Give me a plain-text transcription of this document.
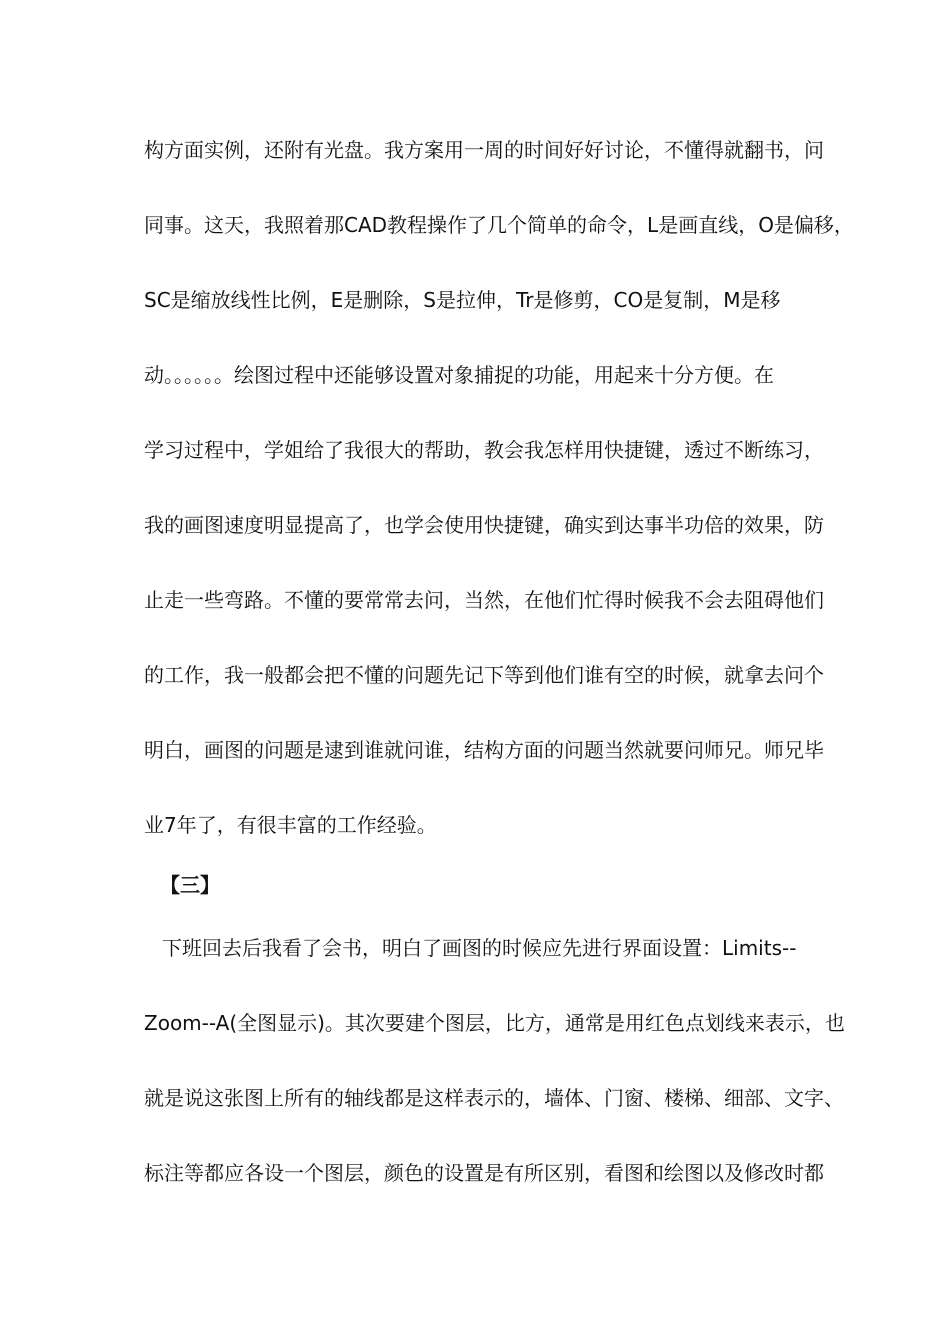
构方面实例，还附有光盘。我方案用一周的时间好好讨论，不懂得就翻书，问
同事。这天，我照着那CAD教程操作了几个简单的命令，L是画直线，O是偏移，
SC是缩放线性比例，E是删除，S是拉伸，Tr是修剪，CO是复制，M是移
动。。。。。。绘图过程中还能够设置对象捕捉的功能，用起来十分方便。在
学习过程中，学姐给了我很大的帮助，教会我怎样用快捷键，透过不断练习，
我的画图速度明显提高了，也学会使用快捷键，确实到达事半功倍的效果，防
止走一些弯路。不懂的要常常去问，当然，在他们忙得时候我不会去阻碍他们
的工作，我一般都会把不懂的问题先记下等到他们谁有空的时候，就拿去问个
明白，画图的问题是逮到谁就问谁，结构方面的问题当然就要问师兄。师兄毕
业7年了，有很丰富的工作经验。
【三】
下班回去后我看了会书，明白了画图的时候应先进行界面设置：Limits--
Zoom--A(全图显示)。其次要建个图层，比方，通常是用红色点划线来表示，也
就是说这张图上所有的轴线都是这样表示的，墙体、门窗、楼梯、细部、文字、
标注等都应各设一个图层，颜色的设置是有所区别，看图和绘图以及修改时都
